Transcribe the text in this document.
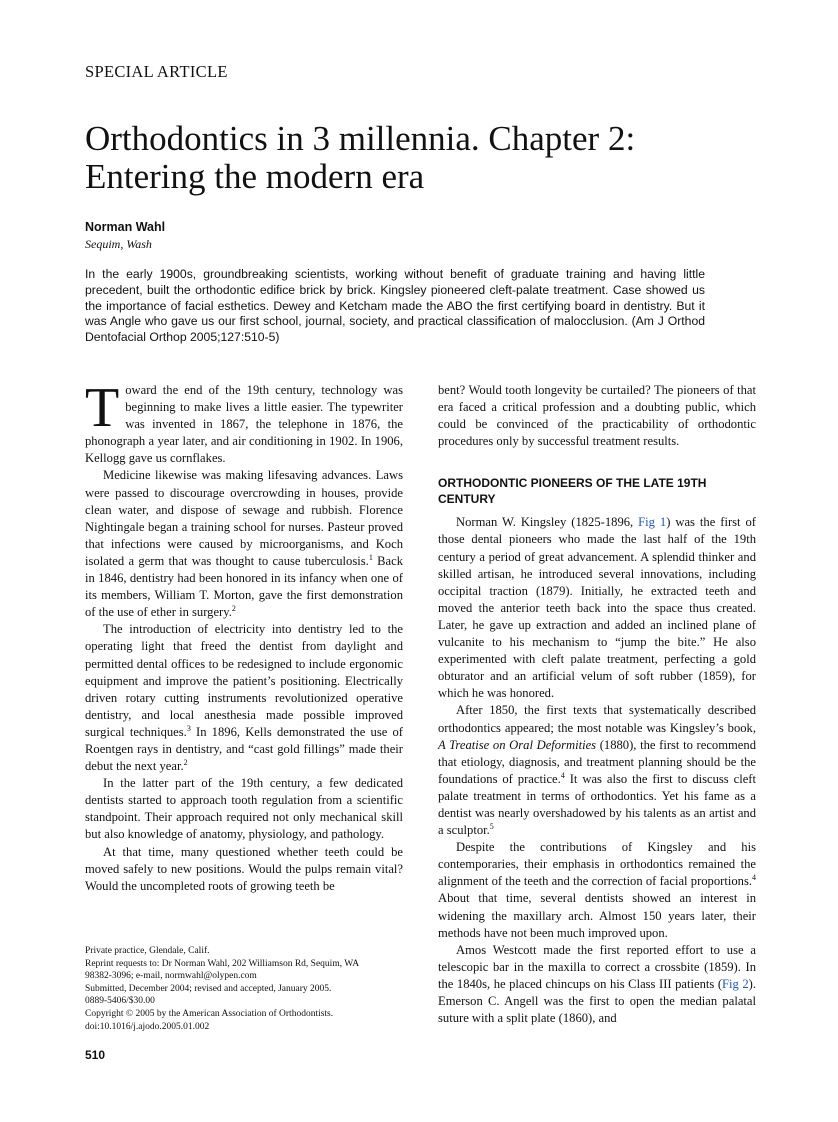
SPECIAL ARTICLE
Orthodontics in 3 millennia. Chapter 2:
Entering the modern era
Norman Wahl
Sequim, Wash
In the early 1900s, groundbreaking scientists, working without benefit of graduate training and having little precedent, built the orthodontic edifice brick by brick. Kingsley pioneered cleft-palate treatment. Case showed us the importance of facial esthetics. Dewey and Ketcham made the ABO the first certifying board in dentistry. But it was Angle who gave us our first school, journal, society, and practical classification of malocclusion. (Am J Orthod Dentofacial Orthop 2005;127:510-5)

Toward the end of the 19th century, technology was beginning to make lives a little easier. The typewriter was invented in 1867, the telephone in 1876, the phonograph a year later, and air conditioning in 1902. In 1906, Kellogg gave us cornflakes.

Medicine likewise was making lifesaving advances. Laws were passed to discourage overcrowding in houses, provide clean water, and dispose of sewage and rubbish. Florence Nightingale began a training school for nurses. Pasteur proved that infections were caused by microorganisms, and Koch isolated a germ that was thought to cause tuberculosis.$^1$ Back in 1846, dentistry had been honored in its infancy when one of its members, William T. Morton, gave the first demonstration of the use of ether in surgery.$^2$

The introduction of electricity into dentistry led to the operating light that freed the dentist from daylight and permitted dental offices to be redesigned to include ergonomic equipment and improve the patient’s positioning. Electrically driven rotary cutting instruments revolutionized operative dentistry, and local anesthesia made possible improved surgical techniques.$^3$ In 1896, Kells demonstrated the use of Roentgen rays in dentistry, and “cast gold fillings” made their debut the next year.$^2$

In the latter part of the 19th century, a few dedicated dentists started to approach tooth regulation from a scientific standpoint. Their approach required not only mechanical skill but also knowledge of anatomy, physiology, and pathology.

At that time, many questioned whether teeth could be moved safely to new positions. Would the pulps remain vital? Would the uncompleted roots of growing teeth be

bent? Would tooth longevity be curtailed? The pioneers of that era faced a critical profession and a doubting public, which could be convinced of the practicability of orthodontic procedures only by successful treatment results.

ORTHODONTIC PIONEERS OF THE LATE 19TH CENTURY

Norman W. Kingsley (1825-1896, Fig 1) was the first of those dental pioneers who made the last half of the 19th century a period of great advancement. A splendid thinker and skilled artisan, he introduced several innovations, including occipital traction (1879). Initially, he extracted teeth and moved the anterior teeth back into the space thus created. Later, he gave up extraction and added an inclined plane of vulcanite to his mechanism to “jump the bite.” He also experimented with cleft palate treatment, perfecting a gold obturator and an artificial velum of soft rubber (1859), for which he was honored.

After 1850, the first texts that systematically described orthodontics appeared; the most notable was Kingsley’s book, A Treatise on Oral Deformities (1880), the first to recommend that etiology, diagnosis, and treatment planning should be the foundations of practice.$^4$ It was also the first to discuss cleft palate treatment in terms of orthodontics. Yet his fame as a dentist was nearly overshadowed by his talents as an artist and a sculptor.$^5$

Despite the contributions of Kingsley and his contemporaries, their emphasis in orthodontics remained the alignment of the teeth and the correction of facial proportions.$^4$ About that time, several dentists showed an interest in widening the maxillary arch. Almost 150 years later, their methods have not been much improved upon.

Amos Westcott made the first reported effort to use a telescopic bar in the maxilla to correct a crossbite (1859). In the 1840s, he placed chincups on his Class III patients (Fig 2). Emerson C. Angell was the first to open the median palatal suture with a split plate (1860), and

Private practice, Glendale, Calif.
Reprint requests to: Dr Norman Wahl, 202 Williamson Rd, Sequim, WA
98382-3096; e-mail, normwahl@olypen.com
Submitted, December 2004; revised and accepted, January 2005.
0889-5406/$30.00
Copyright © 2005 by the American Association of Orthodontists.
doi:10.1016/j.ajodo.2005.01.002
510
